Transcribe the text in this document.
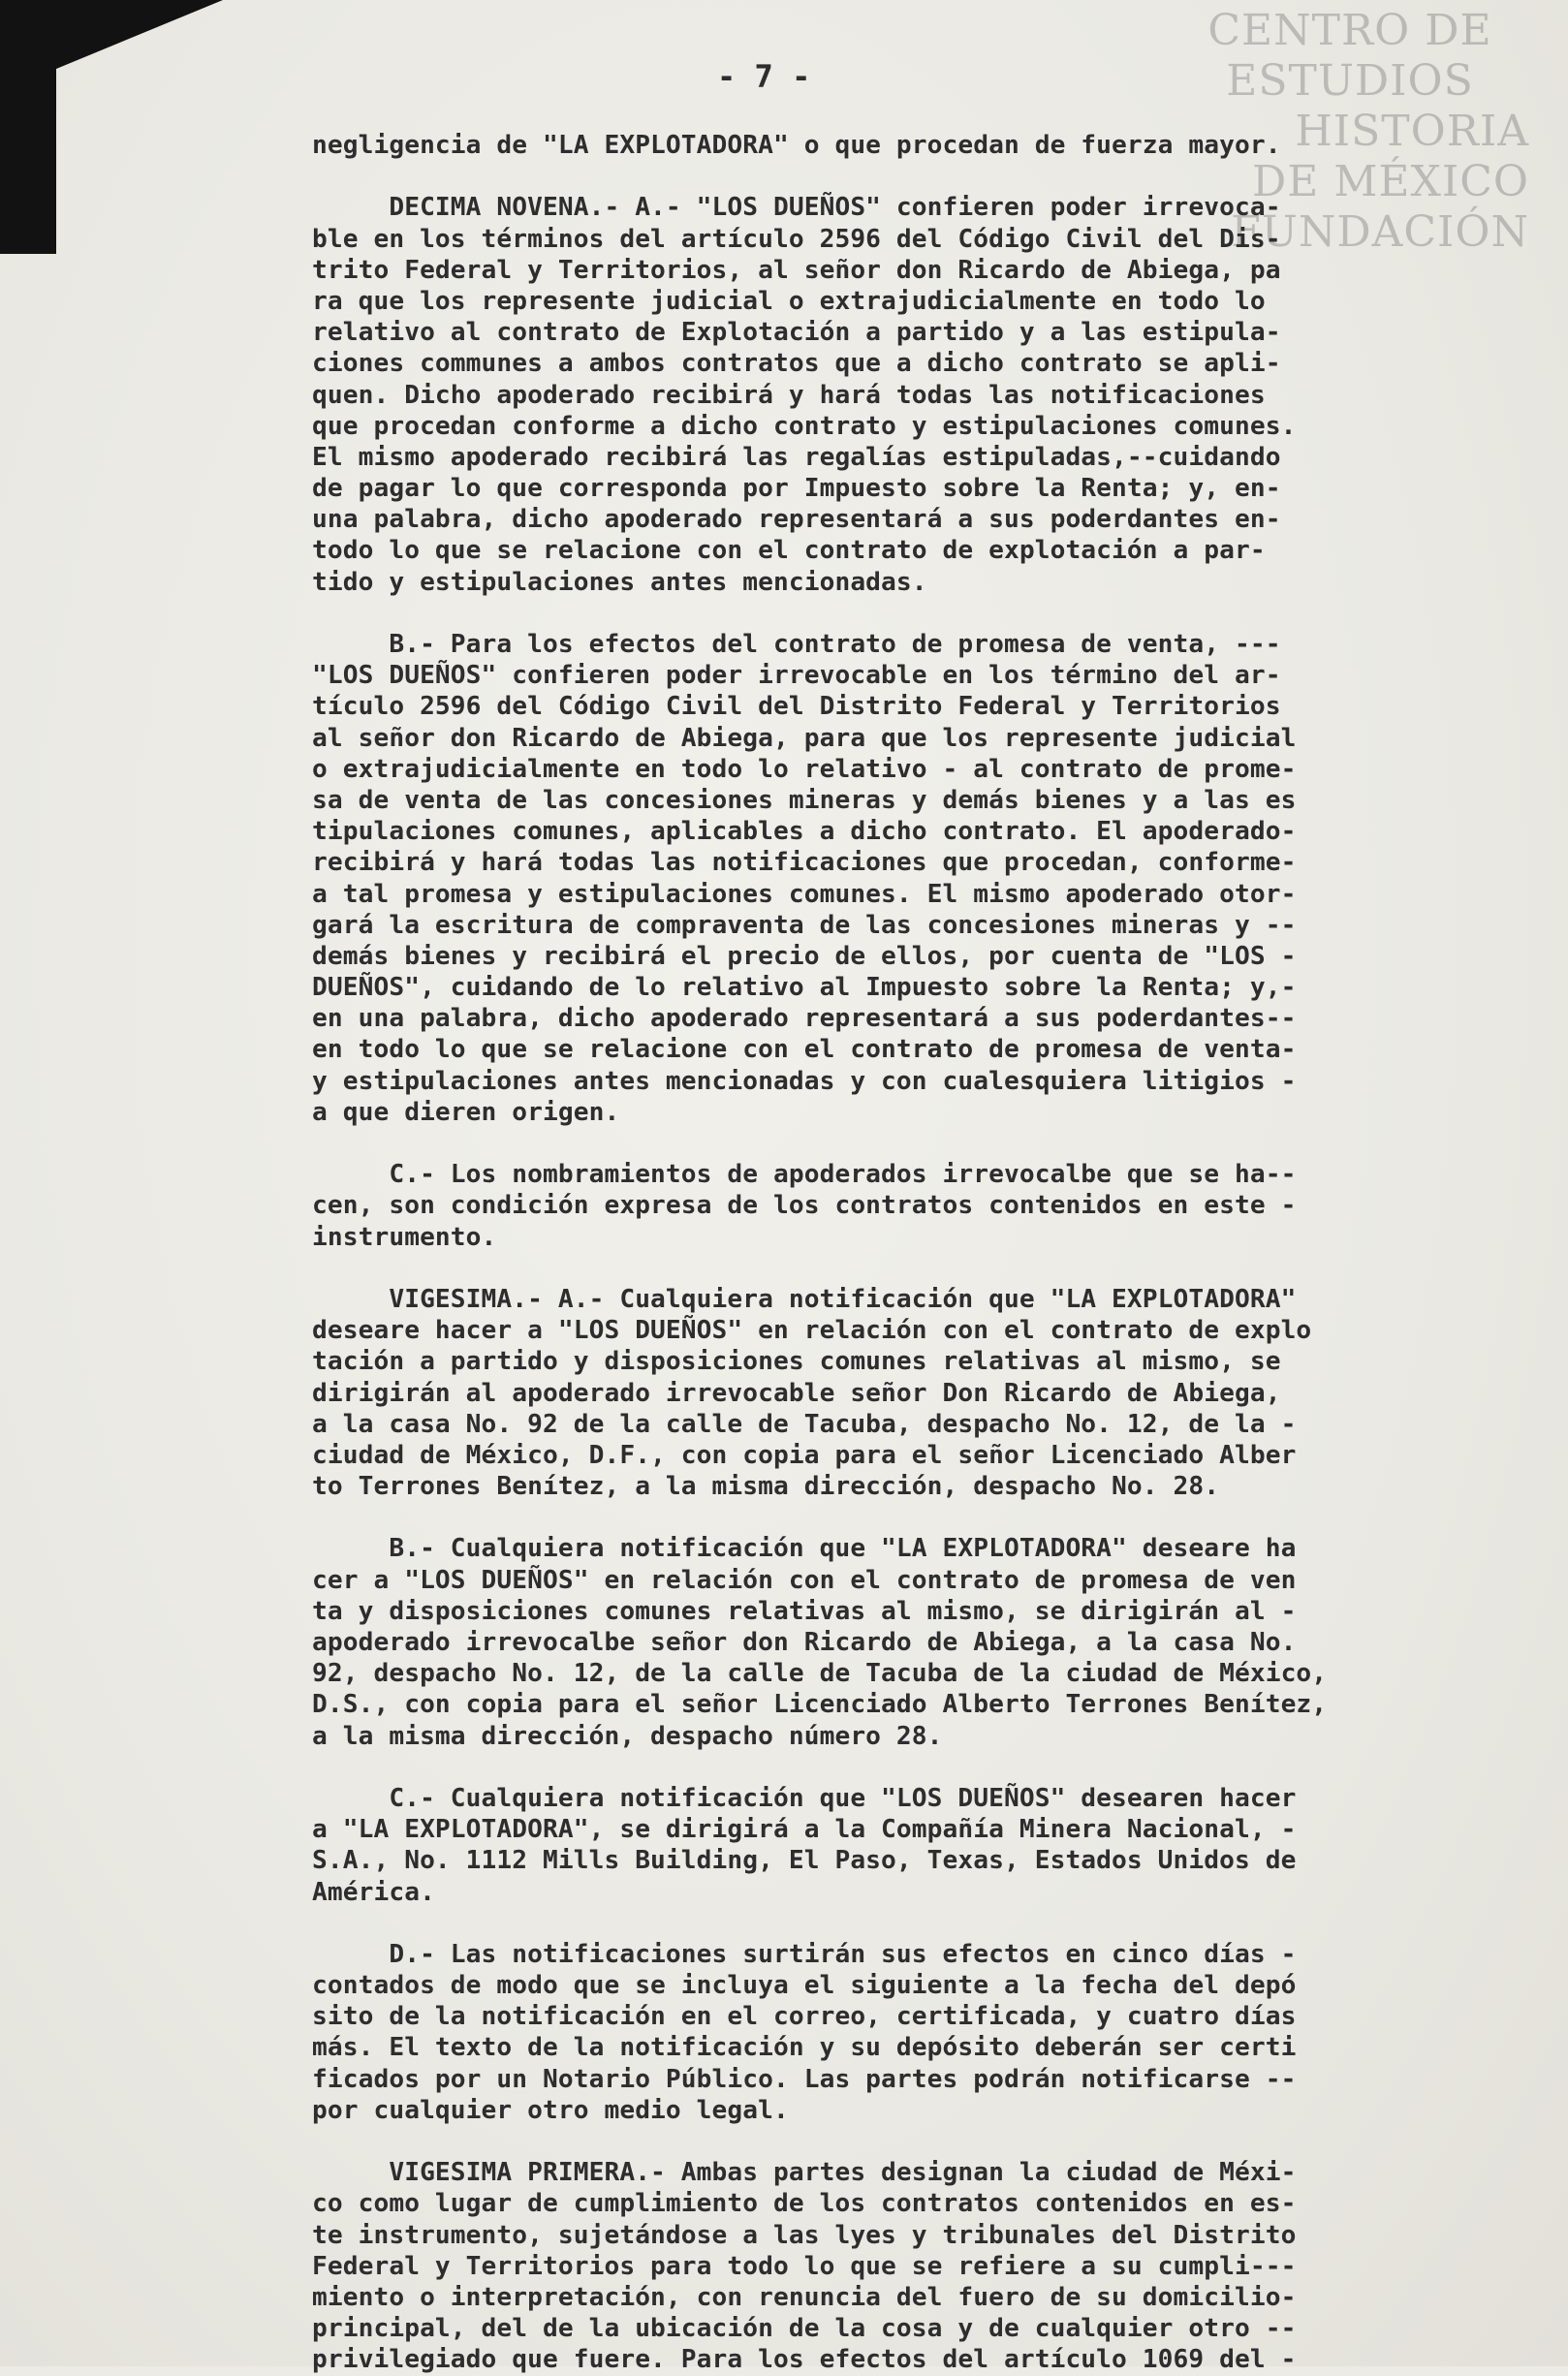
CENTRO DE
ESTUDIOS
HISTORIA
DE MÉXICO
FUNDACIÓN
- 7 -
negligencia de "LA EXPLOTADORA" o que procedan de fuerza mayor.
DECIMA NOVENA.- A.- "LOS DUEÑOS" confieren poder irrevoca-
ble en los términos del artículo 2596 del Código Civil del Dis-
trito Federal y Territorios, al señor don Ricardo de Abiega, pa
ra que los represente judicial o extrajudicialmente en todo lo
relativo al contrato de Explotación a partido y a las estipula-
ciones communes a ambos contratos que a dicho contrato se apli-
quen. Dicho apoderado recibirá y hará todas las notificaciones
que procedan conforme a dicho contrato y estipulaciones comunes.
El mismo apoderado recibirá las regalías estipuladas,--cuidando
de pagar lo que corresponda por Impuesto sobre la Renta; y, en-
una palabra, dicho apoderado representará a sus poderdantes en-
todo lo que se relacione con el contrato de explotación a par-
tido y estipulaciones antes mencionadas.
B.- Para los efectos del contrato de promesa de venta, ---
"LOS DUEÑOS" confieren poder irrevocable en los término del ar-
tículo 2596 del Código Civil del Distrito Federal y Territorios
al señor don Ricardo de Abiega, para que los represente judicial
o extrajudicialmente en todo lo relativo - al contrato de prome-
sa de venta de las concesiones mineras y demás bienes y a las es
tipulaciones comunes, aplicables a dicho contrato. El apoderado-
recibirá y hará todas las notificaciones que procedan, conforme-
a tal promesa y estipulaciones comunes. El mismo apoderado otor-
gará la escritura de compraventa de las concesiones mineras y --
demás bienes y recibirá el precio de ellos, por cuenta de "LOS -
DUEÑOS", cuidando de lo relativo al Impuesto sobre la Renta; y,-
en una palabra, dicho apoderado representará a sus poderdantes--
en todo lo que se relacione con el contrato de promesa de venta-
y estipulaciones antes mencionadas y con cualesquiera litigios -
a que dieren origen.
C.- Los nombramientos de apoderados irrevocalbe que se ha--
cen, son condición expresa de los contratos contenidos en este -
instrumento.
VIGESIMA.- A.- Cualquiera notificación que "LA EXPLOTADORA"
deseare hacer a "LOS DUEÑOS" en relación con el contrato de explo
tación a partido y disposiciones comunes relativas al mismo, se
dirigirán al apoderado irrevocable señor Don Ricardo de Abiega,
a la casa No. 92 de la calle de Tacuba, despacho No. 12, de la -
ciudad de México, D.F., con copia para el señor Licenciado Alber
to Terrones Benítez, a la misma dirección, despacho No. 28.
B.- Cualquiera notificación que "LA EXPLOTADORA" deseare ha
cer a "LOS DUEÑOS" en relación con el contrato de promesa de ven
ta y disposiciones comunes relativas al mismo, se dirigirán al -
apoderado irrevocalbe señor don Ricardo de Abiega, a la casa No.
92, despacho No. 12, de la calle de Tacuba de la ciudad de México,
D.S., con copia para el señor Licenciado Alberto Terrones Benítez,
a la misma dirección, despacho número 28.
C.- Cualquiera notificación que "LOS DUEÑOS" desearen hacer
a "LA EXPLOTADORA", se dirigirá a la Compañía Minera Nacional, -
S.A., No. 1112 Mills Building, El Paso, Texas, Estados Unidos de
América.
D.- Las notificaciones surtirán sus efectos en cinco días -
contados de modo que se incluya el siguiente a la fecha del depó
sito de la notificación en el correo, certificada, y cuatro días
más. El texto de la notificación y su depósito deberán ser certi
ficados por un Notario Público. Las partes podrán notificarse --
por cualquier otro medio legal.
VIGESIMA PRIMERA.- Ambas partes designan la ciudad de Méxi-
co como lugar de cumplimiento de los contratos contenidos en es-
te instrumento, sujetándose a las lyes y tribunales del Distrito
Federal y Territorios para todo lo que se refiere a su cumpli---
miento o interpretación, con renuncia del fuero de su domicilio-
principal, del de la ubicación de la cosa y de cualquier otro --
privilegiado que fuere. Para los efectos del artículo 1069 del -
